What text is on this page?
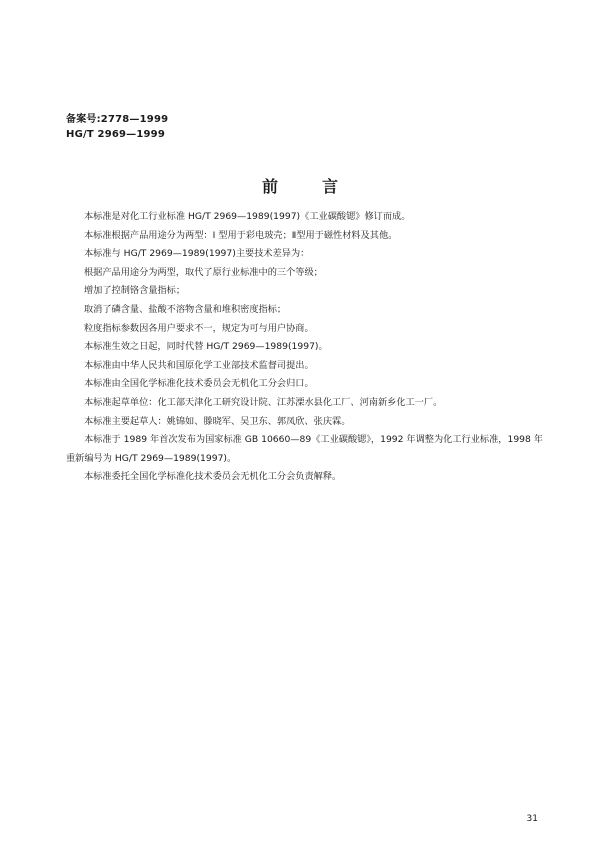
备案号:2778—1999
HG/T 2969—1999
前言
本标准是对化工行业标准 HG/T 2969—1989(1997)《工业碳酸锶》修订而成。
本标准根据产品用途分为两型：I 型用于彩电玻壳；Ⅱ型用于磁性材料及其他。
本标准与 HG/T 2969—1989(1997)主要技术差异为：
根据产品用途分为两型，取代了原行业标准中的三个等级；
增加了控制铬含量指标；
取消了磷含量、盐酸不溶物含量和堆积密度指标；
粒度指标参数因各用户要求不一，规定为可与用户协商。
本标准生效之日起，同时代替 HG/T 2969—1989(1997)。
本标准由中华人民共和国原化学工业部技术监督司提出。
本标准由全国化学标准化技术委员会无机化工分会归口。
本标准起草单位：化工部天津化工研究设计院、江苏溧水县化工厂、河南新乡化工一厂。
本标准主要起草人：姚锦如、滕晓军、吴卫东、郭凤欣、张庆霖。
本标准于 1989 年首次发布为国家标准 GB 10660—89《工业碳酸锶》，1992 年调整为化工行业标准，1998 年重新编号为 HG/T 2969—1989(1997)。
本标准委托全国化学标准化技术委员会无机化工分会负责解释。
31
